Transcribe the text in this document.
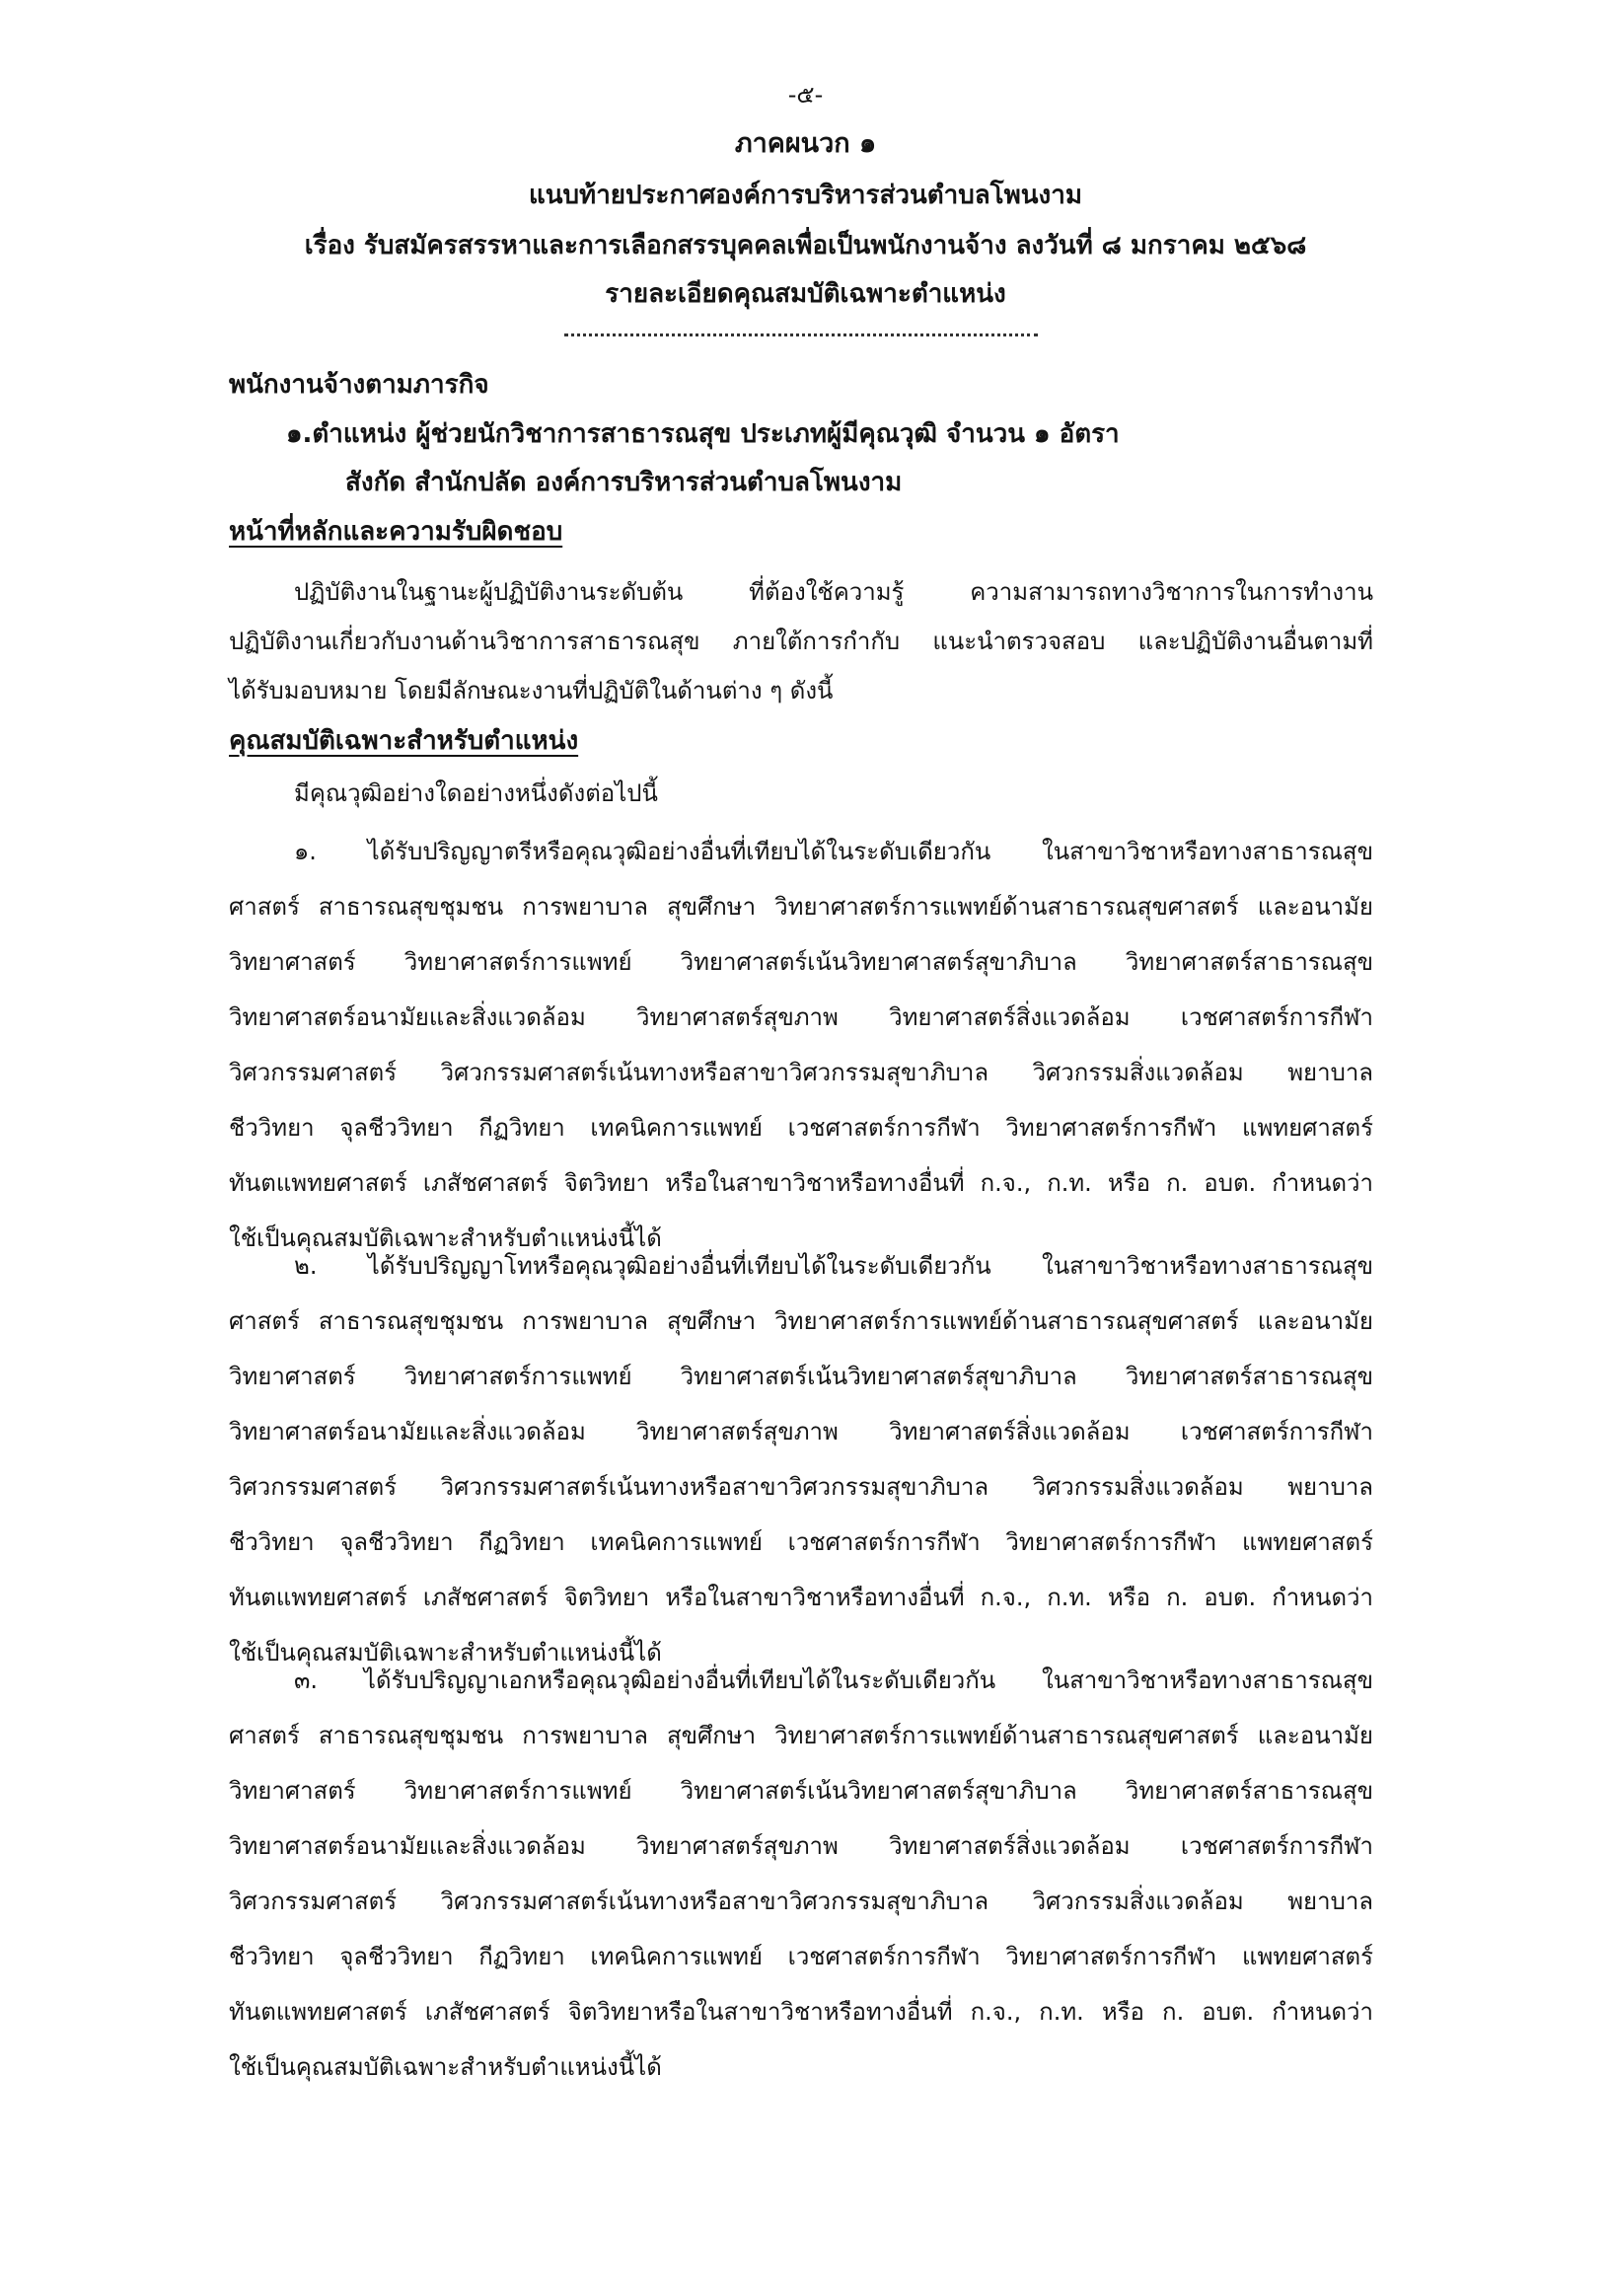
-๕-
ภาคผนวก ๑
แนบท้ายประกาศองค์การบริหารส่วนตำบลโพนงาม
เรื่อง รับสมัครสรรหาและการเลือกสรรบุคคลเพื่อเป็นพนักงานจ้าง ลงวันที่ ๘ มกราคม ๒๕๖๘
รายละเอียดคุณสมบัติเฉพาะตำแหน่ง
พนักงานจ้างตามภารกิจ
๑.ตำแหน่ง ผู้ช่วยนักวิชาการสาธารณสุข ประเภทผู้มีคุณวุฒิ จำนวน ๑ อัตรา
สังกัด สำนักปลัด องค์การบริหารส่วนตำบลโพนงาม
หน้าที่หลักและความรับผิดชอบ
ปฏิบัติงานในฐานะผู้ปฏิบัติงานระดับต้น ที่ต้องใช้ความรู้ ความสามารถทางวิชาการในการทำงาน
ปฏิบัติงานเกี่ยวกับงานด้านวิชาการสาธารณสุข ภายใต้การกำกับ แนะนำตรวจสอบ และปฏิบัติงานอื่นตามที่
ได้รับมอบหมาย โดยมีลักษณะงานที่ปฏิบัติในด้านต่าง ๆ ดังนี้
คุณสมบัติเฉพาะสำหรับตำแหน่ง
มีคุณวุฒิอย่างใดอย่างหนึ่งดังต่อไปนี้
๑. ได้รับปริญญาตรีหรือคุณวุฒิอย่างอื่นที่เทียบได้ในระดับเดียวกัน ในสาขาวิชาหรือทางสาธารณสุข
ศาสตร์ สาธารณสุขชุมชน การพยาบาล สุขศึกษา วิทยาศาสตร์การแพทย์ด้านสาธารณสุขศาสตร์ และอนามัย
วิทยาศาสตร์ วิทยาศาสตร์การแพทย์ วิทยาศาสตร์เน้นวิทยาศาสตร์สุขาภิบาล วิทยาศาสตร์สาธารณสุข
วิทยาศาสตร์อนามัยและสิ่งแวดล้อม วิทยาศาสตร์สุขภาพ วิทยาศาสตร์สิ่งแวดล้อม เวชศาสตร์การกีฬา
วิศวกรรมศาสตร์ วิศวกรรมศาสตร์เน้นทางหรือสาขาวิศวกรรมสุขาภิบาล วิศวกรรมสิ่งแวดล้อม พยาบาล
ชีววิทยา จุลชีววิทยา กีฏวิทยา เทคนิคการแพทย์ เวชศาสตร์การกีฬา วิทยาศาสตร์การกีฬา แพทยศาสตร์
ทันตแพทยศาสตร์ เภสัชศาสตร์ จิตวิทยา หรือในสาขาวิชาหรือทางอื่นที่ ก.จ., ก.ท. หรือ ก. อบต. กำหนดว่า
ใช้เป็นคุณสมบัติเฉพาะสำหรับตำแหน่งนี้ได้
๒. ได้รับปริญญาโทหรือคุณวุฒิอย่างอื่นที่เทียบได้ในระดับเดียวกัน ในสาขาวิชาหรือทางสาธารณสุข
ศาสตร์ สาธารณสุขชุมชน การพยาบาล สุขศึกษา วิทยาศาสตร์การแพทย์ด้านสาธารณสุขศาสตร์ และอนามัย
วิทยาศาสตร์ วิทยาศาสตร์การแพทย์ วิทยาศาสตร์เน้นวิทยาศาสตร์สุขาภิบาล วิทยาศาสตร์สาธารณสุข
วิทยาศาสตร์อนามัยและสิ่งแวดล้อม วิทยาศาสตร์สุขภาพ วิทยาศาสตร์สิ่งแวดล้อม เวชศาสตร์การกีฬา
วิศวกรรมศาสตร์ วิศวกรรมศาสตร์เน้นทางหรือสาขาวิศวกรรมสุขาภิบาล วิศวกรรมสิ่งแวดล้อม พยาบาล
ชีววิทยา จุลชีววิทยา กีฏวิทยา เทคนิคการแพทย์ เวชศาสตร์การกีฬา วิทยาศาสตร์การกีฬา แพทยศาสตร์
ทันตแพทยศาสตร์ เภสัชศาสตร์ จิตวิทยา หรือในสาขาวิชาหรือทางอื่นที่ ก.จ., ก.ท. หรือ ก. อบต. กำหนดว่า
ใช้เป็นคุณสมบัติเฉพาะสำหรับตำแหน่งนี้ได้
๓. ได้รับปริญญาเอกหรือคุณวุฒิอย่างอื่นที่เทียบได้ในระดับเดียวกัน ในสาขาวิชาหรือทางสาธารณสุข
ศาสตร์ สาธารณสุขชุมชน การพยาบาล สุขศึกษา วิทยาศาสตร์การแพทย์ด้านสาธารณสุขศาสตร์ และอนามัย
วิทยาศาสตร์ วิทยาศาสตร์การแพทย์ วิทยาศาสตร์เน้นวิทยาศาสตร์สุขาภิบาล วิทยาศาสตร์สาธารณสุข
วิทยาศาสตร์อนามัยและสิ่งแวดล้อม วิทยาศาสตร์สุขภาพ วิทยาศาสตร์สิ่งแวดล้อม เวชศาสตร์การกีฬา
วิศวกรรมศาสตร์ วิศวกรรมศาสตร์เน้นทางหรือสาขาวิศวกรรมสุขาภิบาล วิศวกรรมสิ่งแวดล้อม พยาบาล
ชีววิทยา จุลชีววิทยา กีฏวิทยา เทคนิคการแพทย์ เวชศาสตร์การกีฬา วิทยาศาสตร์การกีฬา แพทยศาสตร์
ทันตแพทยศาสตร์ เภสัชศาสตร์ จิตวิทยาหรือในสาขาวิชาหรือทางอื่นที่ ก.จ., ก.ท. หรือ ก. อบต. กำหนดว่า
ใช้เป็นคุณสมบัติเฉพาะสำหรับตำแหน่งนี้ได้
